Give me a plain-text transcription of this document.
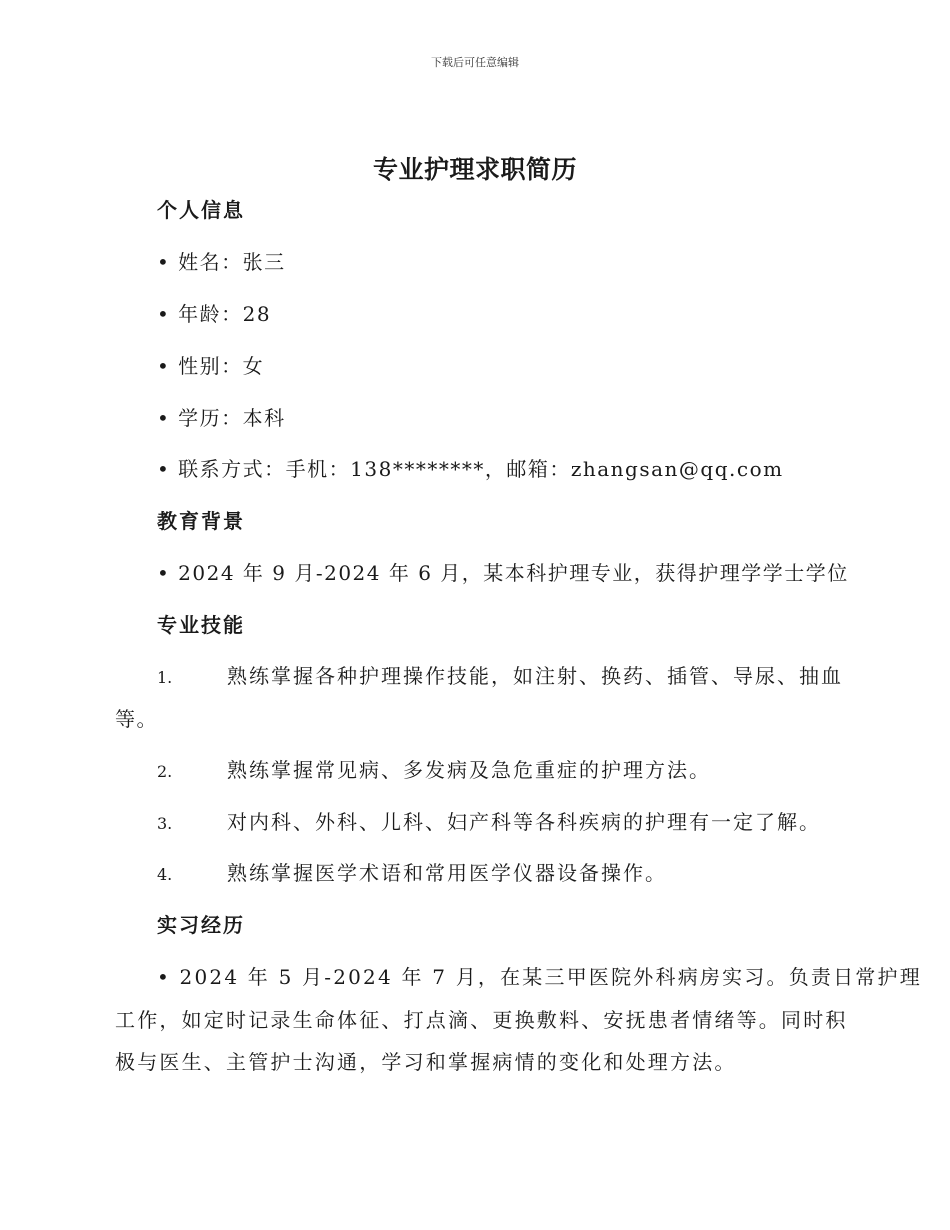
下载后可任意编辑
专业护理求职简历
个人信息
• 姓名：张三
• 年龄：28
• 性别：女
• 学历：本科
• 联系方式：手机：138********，邮箱：zhangsan@qq.com
教育背景
• 2024 年 9 月-2024 年 6 月，某本科护理专业，获得护理学学士学位
专业技能
1.	熟练掌握各种护理操作技能，如注射、换药、插管、导尿、抽血
等。
2.	熟练掌握常见病、多发病及急危重症的护理方法。
3.	对内科、外科、儿科、妇产科等各科疾病的护理有一定了解。
4.	熟练掌握医学术语和常用医学仪器设备操作。
实习经历
• 2024 年 5 月-2024 年 7 月，在某三甲医院外科病房实习。负责日常护理
工作，如定时记录生命体征、打点滴、更换敷料、安抚患者情绪等。同时积
极与医生、主管护士沟通，学习和掌握病情的变化和处理方法。
